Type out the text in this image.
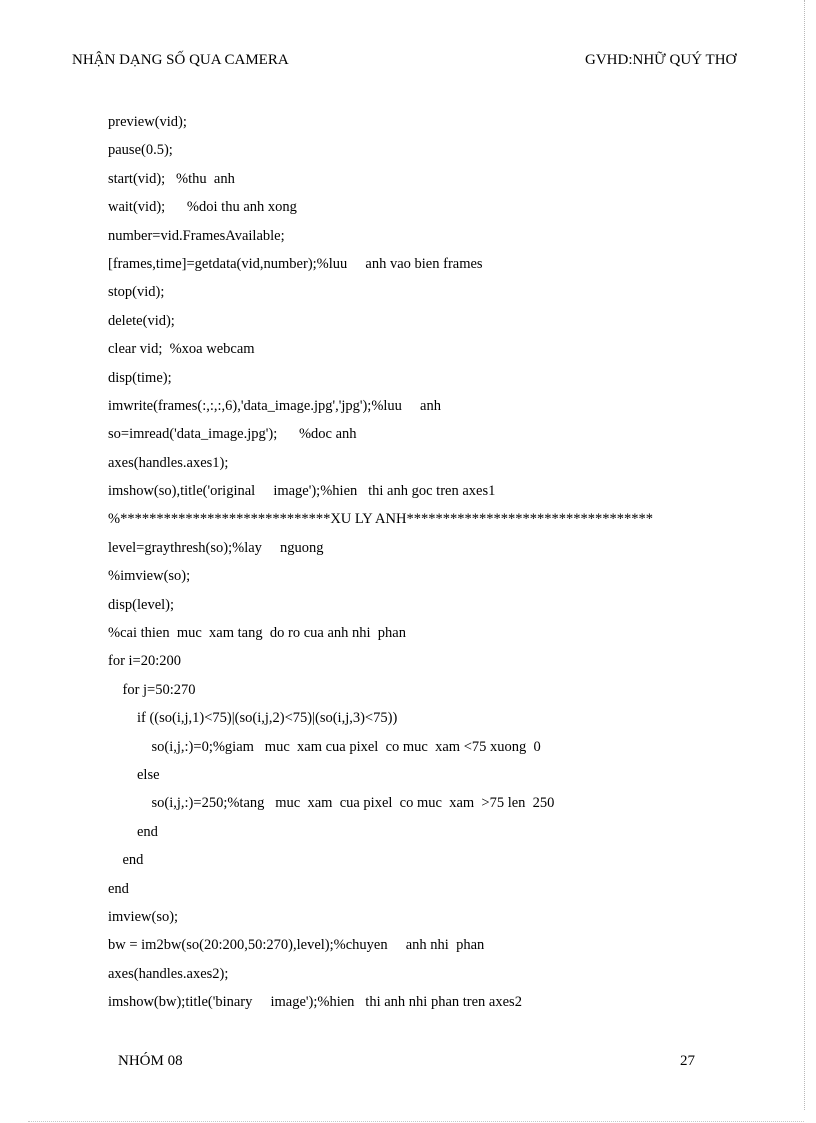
NHẬN DẠNG SỐ QUA CAMERA	GVHD:NHỮ QUÝ THƠ
preview(vid);
pause(0.5);
start(vid);   %thu  anh
wait(vid);      %doi thu anh xong
number=vid.FramesAvailable;
[frames,time]=getdata(vid,number);%luu     anh vao bien frames
stop(vid);
delete(vid);
clear vid;  %xoa webcam
disp(time);
imwrite(frames(:,:,:,6),'data_image.jpg','jpg');%luu     anh
so=imread('data_image.jpg');      %doc anh
axes(handles.axes1);
imshow(so),title('original     image');%hien   thi anh goc tren axes1
%*****************************XU LY ANH**********************************
level=graythresh(so);%lay     nguong
%imview(so);
disp(level);
%cai thien  muc  xam tang  do ro cua anh nhi  phan
for i=20:200
for j=50:270
if ((so(i,j,1)<75)|(so(i,j,2)<75)|(so(i,j,3)<75))
so(i,j,:)=0;%giam   muc  xam cua pixel  co muc  xam <75 xuong  0
else
so(i,j,:)=250;%tang   muc  xam  cua pixel  co muc  xam  >75 len  250
end
end
end
imview(so);
bw = im2bw(so(20:200,50:270),level);%chuyen     anh nhi  phan
axes(handles.axes2);
imshow(bw);title('binary     image');%hien   thi anh nhi phan tren axes2
NHÓM 08	27
